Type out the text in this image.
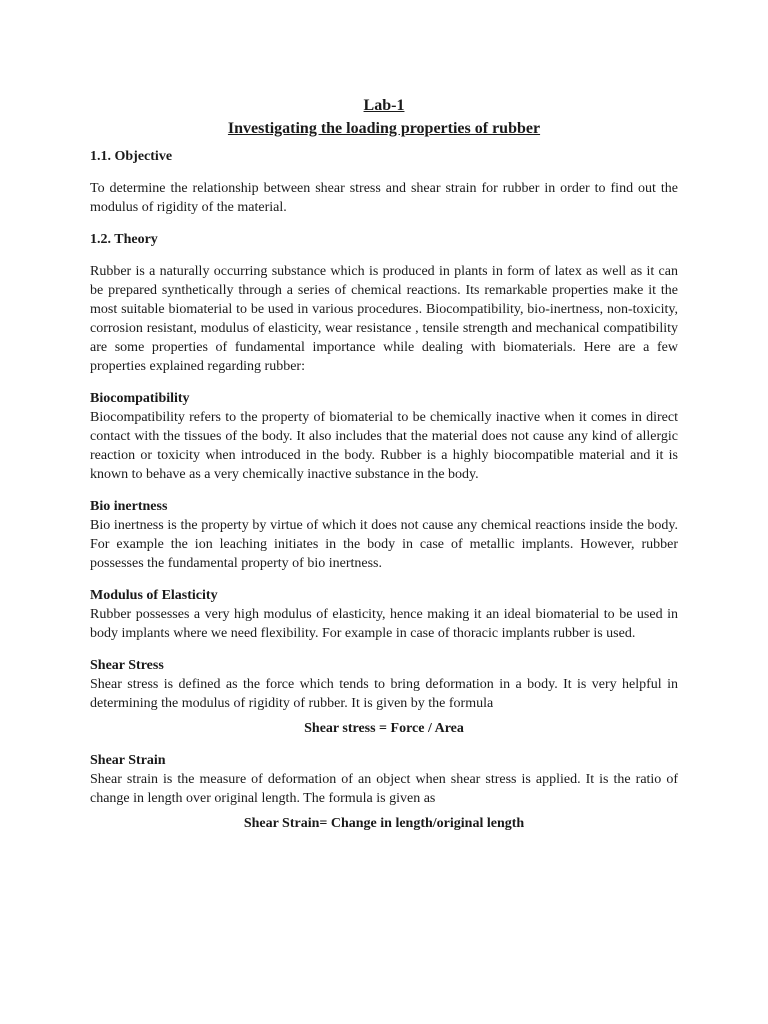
Lab-1
Investigating the loading properties of rubber
1.1. Objective

To determine the relationship between shear stress and shear strain for rubber in order to find out the modulus of rigidity of the material.

1.2. Theory

Rubber is a naturally occurring substance which is produced in plants in form of latex as well as it can be prepared synthetically through a series of chemical reactions. Its remarkable properties make it the most suitable biomaterial to be used in various procedures. Biocompatibility, bio-inertness, non-toxicity, corrosion resistant, modulus of elasticity, wear resistance , tensile strength and mechanical compatibility are some properties of fundamental importance while dealing with biomaterials. Here are a few properties explained regarding rubber:

Biocompatibility

Biocompatibility refers to the property of biomaterial to be chemically inactive when it comes in direct contact with the tissues of the body. It also includes that the material does not cause any kind of allergic reaction or toxicity when introduced in the body. Rubber is a highly biocompatible material and it is known to behave as a very chemically inactive substance in the body.

Bio inertness

Bio inertness is the property by virtue of which it does not cause any chemical reactions inside the body. For example the ion leaching initiates in the body in case of metallic implants. However, rubber possesses the fundamental property of bio inertness.

Modulus of Elasticity

Rubber possesses a very high modulus of elasticity, hence making it an ideal biomaterial to be used in body implants where we need flexibility. For example in case of thoracic implants rubber is used.

Shear Stress

Shear stress is defined as the force which tends to bring deformation in a body. It is very helpful in determining the modulus of rigidity of rubber. It is given by the formula

Shear stress = Force / Area
Shear Strain

Shear strain is the measure of deformation of an object when shear stress is applied. It is the ratio of change in length over original length. The formula is given as

Shear Strain= Change in length/original length
